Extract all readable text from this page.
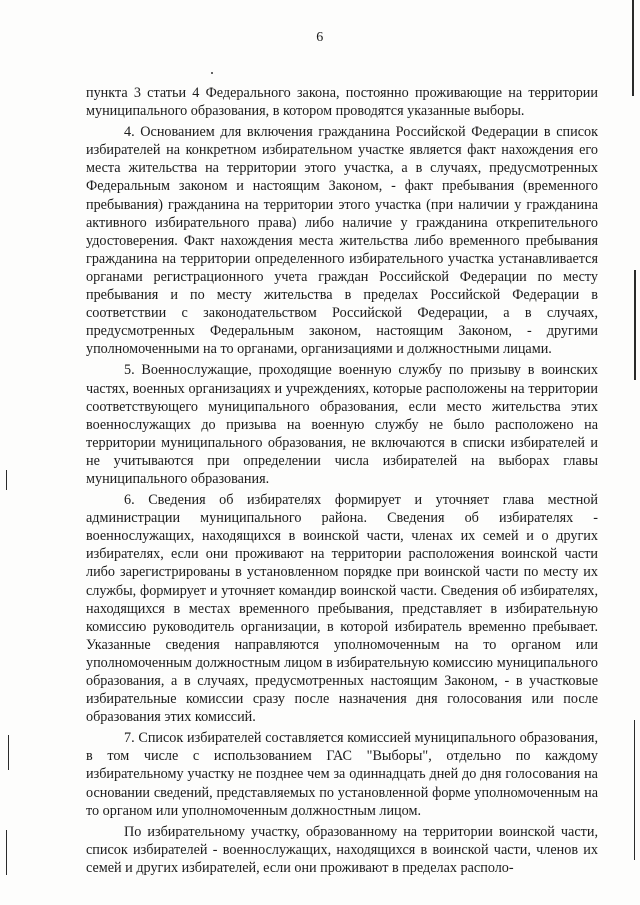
6

пункта 3 статьи 4 Федерального закона, постоянно проживающие на территории муниципального образования, в котором проводятся указанные выборы.

4. Основанием для включения гражданина Российской Федерации в список избирателей на конкретном избирательном участке является факт нахождения его места жительства на территории этого участка, а в случаях, предусмотренных Федеральным законом и настоящим Законом, - факт пребывания (временного пребывания) гражданина на территории этого участка (при наличии у гражданина активного избирательного права) либо наличие у гражданина открепительного удостоверения. Факт нахождения места жительства либо временного пребывания гражданина на территории определенного избирательного участка устанавливается органами регистрационного учета граждан Российской Федерации по месту пребывания и по месту жительства в пределах Российской Федерации в соответствии с законодательством Российской Федерации, а в случаях, предусмотренных Федеральным законом, настоящим Законом, - другими уполномоченными на то органами, организациями и должностными лицами.

5. Военнослужащие, проходящие военную службу по призыву в воинских частях, военных организациях и учреждениях, которые расположены на территории соответствующего муниципального образования, если место жительства этих военнослужащих до призыва на военную службу не было расположено на территории муниципального образования, не включаются в списки избирателей и не учитываются при определении числа избирателей на выборах главы муниципального образования.

6. Сведения об избирателях формирует и уточняет глава местной администрации муниципального района. Сведения об избирателях - военнослужащих, находящихся в воинской части, членах их семей и о других избирателях, если они проживают на территории расположения воинской части либо зарегистрированы в установленном порядке при воинской части по месту их службы, формирует и уточняет командир воинской части. Сведения об избирателях, находящихся в местах временного пребывания, представляет в избирательную комиссию руководитель организации, в которой избиратель временно пребывает. Указанные сведения направляются уполномоченным на то органом или уполномоченным должностным лицом в избирательную комиссию муниципального образования, а в случаях, предусмотренных настоящим Законом, - в участковые избирательные комиссии сразу после назначения дня голосования или после образования этих комиссий.

7. Список избирателей составляется комиссией муниципального образования, в том числе с использованием ГАС "Выборы", отдельно по каждому избирательному участку не позднее чем за одиннадцать дней до дня голосования на основании сведений, представляемых по установленной форме уполномоченным на то органом или уполномоченным должностным лицом.

По избирательному участку, образованному на территории воинской части, список избирателей - военнослужащих, находящихся в воинской части, членов их семей и других избирателей, если они проживают в пределах располо-
